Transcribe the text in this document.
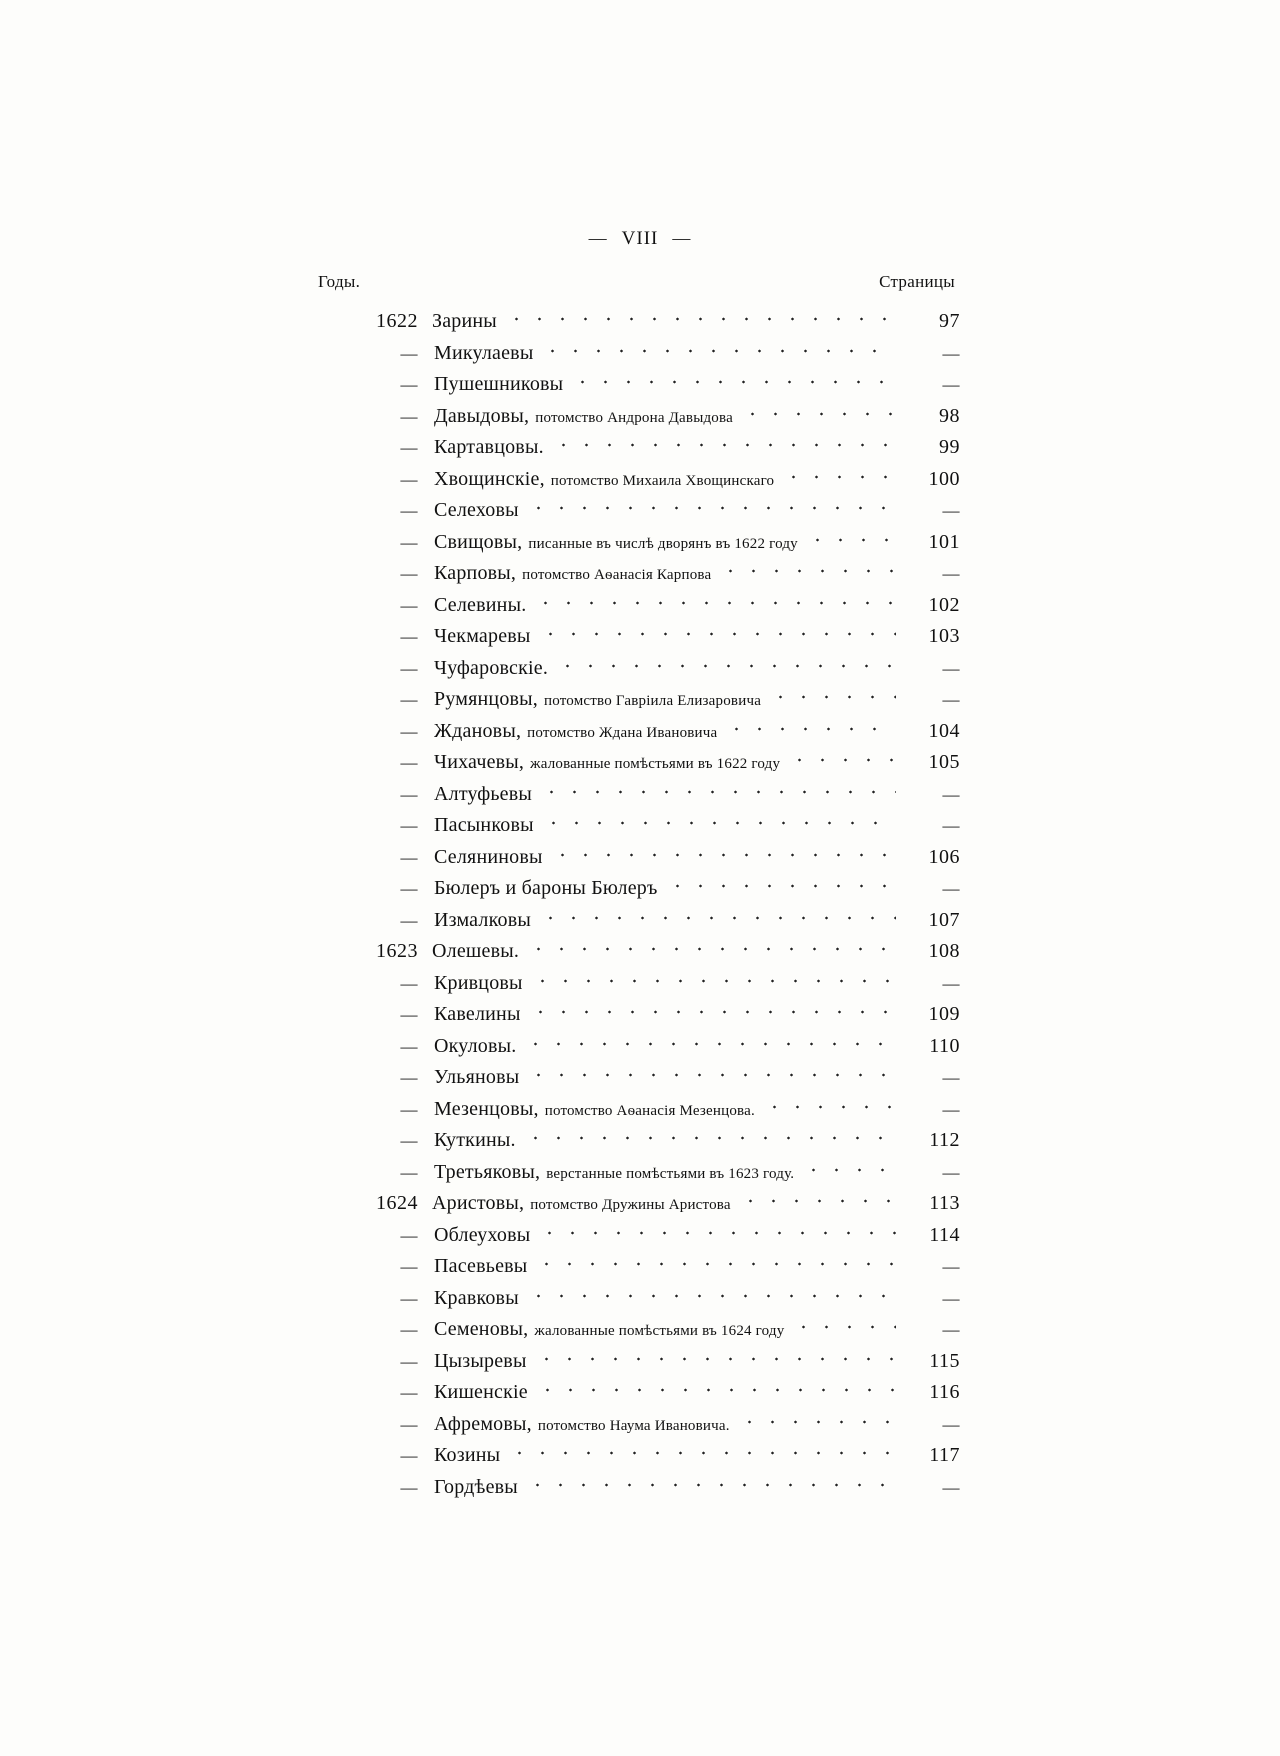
— VIII —
Годы.	Страницы
1622 Зарины	97
— Микулаевы	—
— Пушешниковы	—
— Давыдовы, потомство Андрона Давыдова	98
— Картавцовы.	99
— Хвощинскіе, потомство Михаила Хвощинскаго	100
— Селеховы	—
— Свищовы, писанные въ числѣ дворянъ въ 1622 году	101
— Карповы, потомство Аѳанасія Карпова	—
— Селевины.	102
— Чекмаревы	103
— Чуфаровскіе.	—
— Румянцовы, потомство Гаврiила Елизаровича	—
— Ждановы, потомство Ждана Ивановича	104
— Чихачевы, жалованные помѣстьями въ 1622 году	105
— Алтуфьевы	—
— Пасынковы	—
— Селяниновы	106
— Бюлеръ и бароны Бюлеръ	—
— Измалковы	107
1623 Олешевы.	108
— Кривцовы	—
— Кавелины	109
— Окуловы.	110
— Ульяновы	—
— Мезенцовы, потомство Аѳанасія Мезенцова.	—
— Куткины.	112
— Третьяковы, верстанные помѣстьями въ 1623 году.	—
1624 Аристовы, потомство Дружины Аристова	113
— Облеуховы	114
— Пасевьевы	—
— Кравковы	—
— Семеновы, жалованные помѣстьями въ 1624 году	—
— Цызыревы	115
— Кишенскіе	116
— Афремовы, потомство Наума Ивановича.	—
— Козины	117
— Гордѣевы	—
